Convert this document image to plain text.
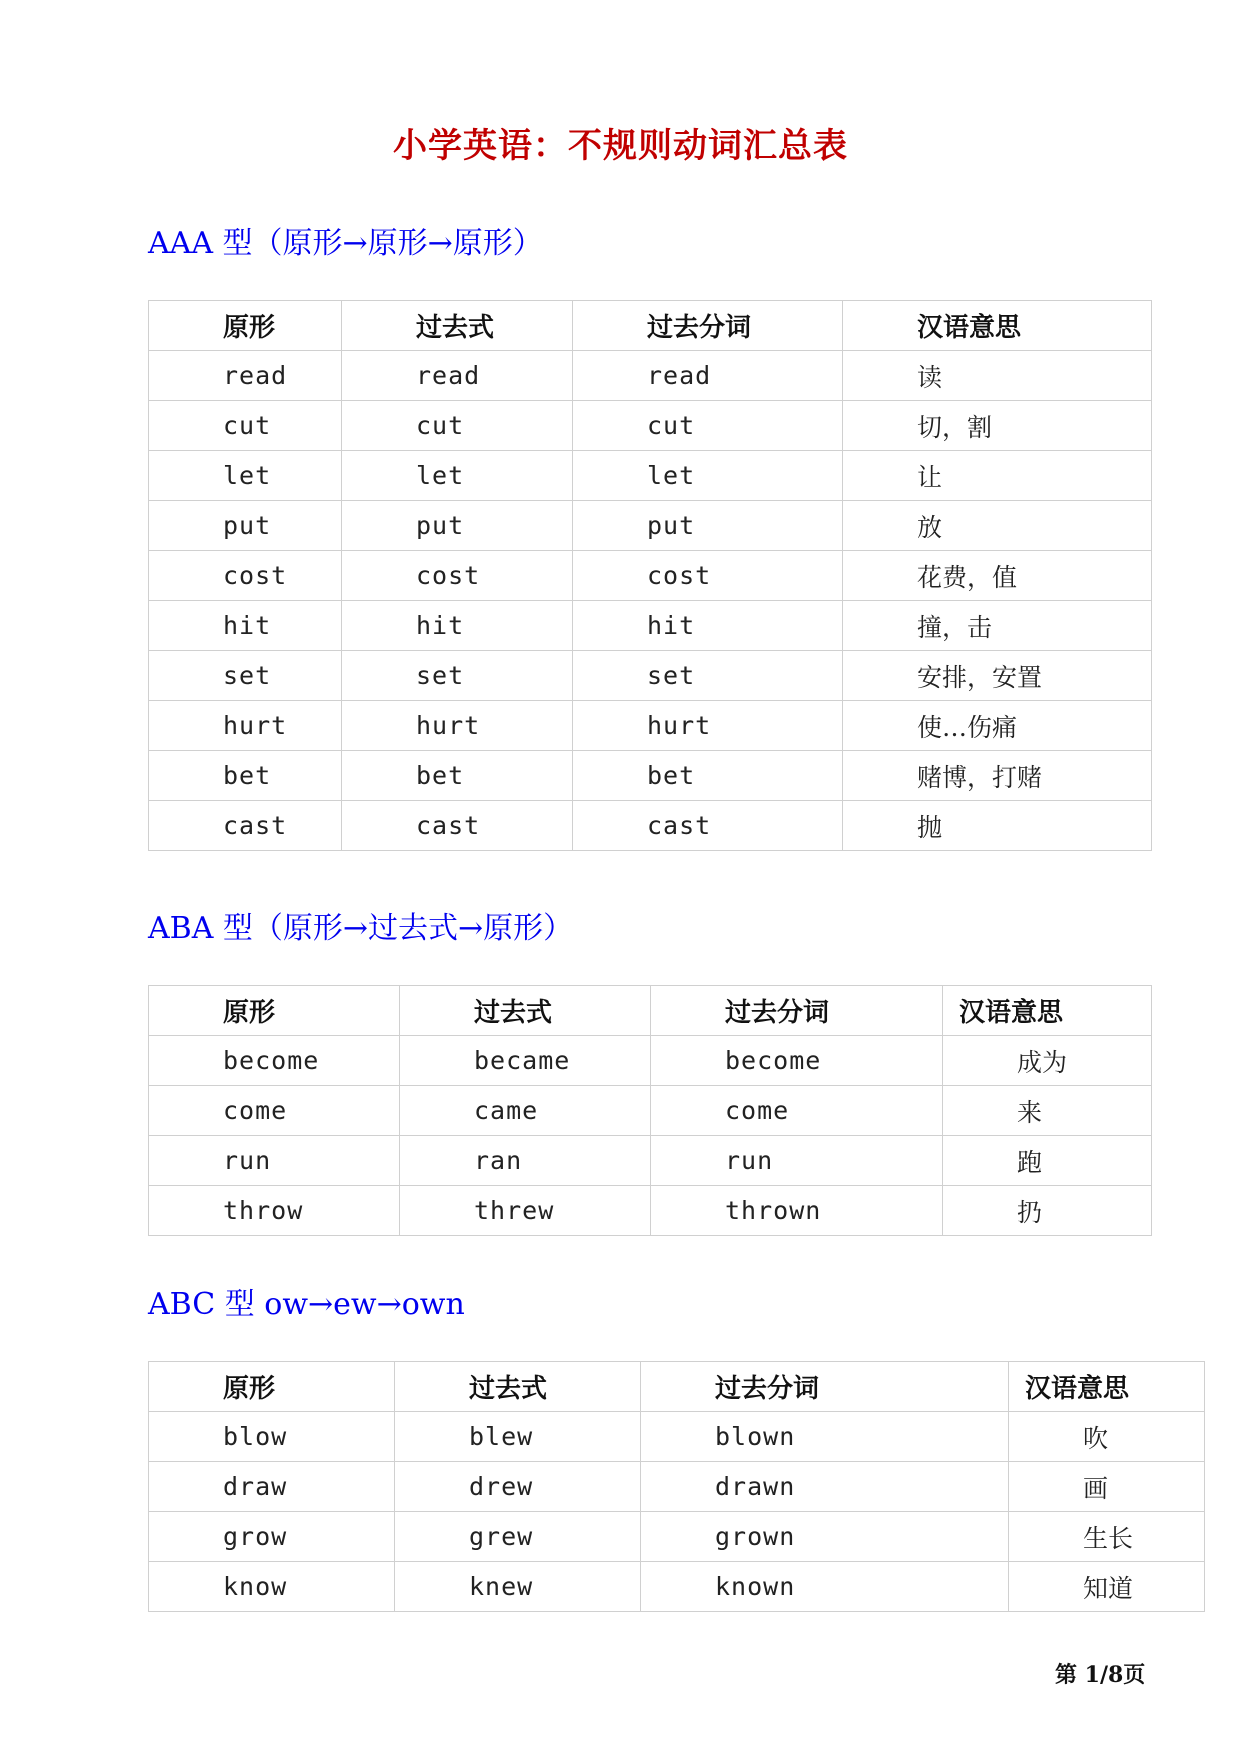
小学英语：不规则动词汇总表
AAA 型（原形→原形→原形）
原形	过去式	过去分词	汉语意思
read	read	read	读
cut	cut	cut	切，割
let	let	let	让
put	put	put	放
cost	cost	cost	花费，值
hit	hit	hit	撞，击
set	set	set	安排，安置
hurt	hurt	hurt	使…伤痛
bet	bet	bet	赌博，打赌
cast	cast	cast	抛
ABA 型（原形→过去式→原形）
原形	过去式	过去分词	汉语意思
become	became	become	成为
come	came	come	来
run	ran	run	跑
throw	threw	thrown	扔
ABC 型 ow→ew→own
原形	过去式	过去分词	汉语意思
blow	blew	blown	吹
draw	drew	drawn	画
grow	grew	grown	生长
know	knew	known	知道
第 1/8页
